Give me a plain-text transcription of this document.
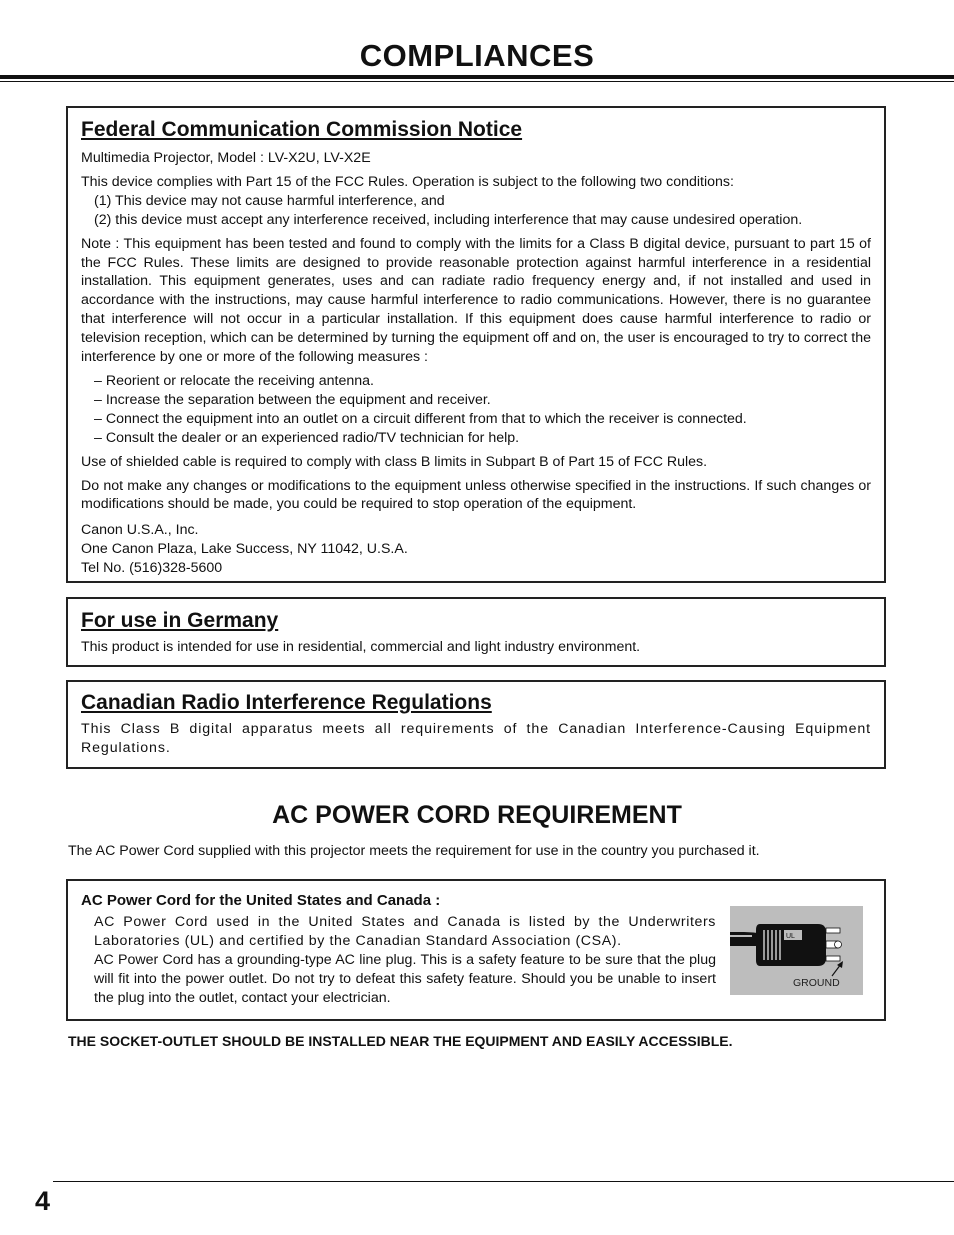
COMPLIANCES
Federal Communication Commission Notice

Multimedia Projector, Model : LV-X2U, LV-X2E

This device complies with Part 15 of the FCC Rules. Operation is subject to the following two conditions:

(1) This device may not cause harmful interference, and

(2) this device must accept any interference received, including interference that may cause undesired operation.

Note : This equipment has been tested and found to comply with the limits for a Class B digital device, pursuant to part 15 of the FCC Rules. These limits are designed to provide reasonable protection against harmful interference in a residential installation. This equipment generates, uses and can radiate radio frequency energy and, if not installed and used in accordance with the instructions, may cause harmful interference to radio communications. However, there is no guarantee that interference will not occur in a particular installation. If this equipment does cause harmful interference to radio or television reception, which can be determined by turning the equipment off and on, the user is encouraged to try to correct the interference by one or more of the following measures :

– Reorient or relocate the receiving antenna.

– Increase the separation between the equipment and receiver.

– Connect the equipment into an outlet on a circuit different from that to which the receiver is connected.

– Consult the dealer or an experienced radio/TV technician for help.

Use of shielded cable is required to comply with class B limits in Subpart B of Part 15 of FCC Rules.

Do not make any changes or modifications to the equipment unless otherwise specified in the instructions. If such changes or modifications should be made, you could be required to stop operation of the equipment.

Canon U.S.A., Inc.

One Canon Plaza, Lake Success, NY 11042, U.S.A.

Tel No. (516)328-5600

For use in Germany

This product is intended for use in residential, commercial and light industry environment.

Canadian Radio Interference Regulations

This Class B digital apparatus meets all requirements of the Canadian Interference-Causing Equipment Regulations.

AC POWER CORD REQUIREMENT

The AC Power Cord supplied with this projector meets the requirement for use in the country you purchased it.

AC Power Cord for the United States and Canada :

AC Power Cord used in the United States and Canada is listed by the Underwriters Laboratories (UL) and certified by the Canadian Standard Association (CSA).

AC Power Cord has a grounding-type AC line plug. This is a safety feature to be sure that the plug will fit into the power outlet. Do not try to defeat this safety feature. Should you be unable to insert the plug into the outlet, contact your electrician.

UL
GROUND

THE SOCKET-OUTLET SHOULD BE INSTALLED NEAR THE EQUIPMENT AND EASILY ACCESSIBLE.

4
